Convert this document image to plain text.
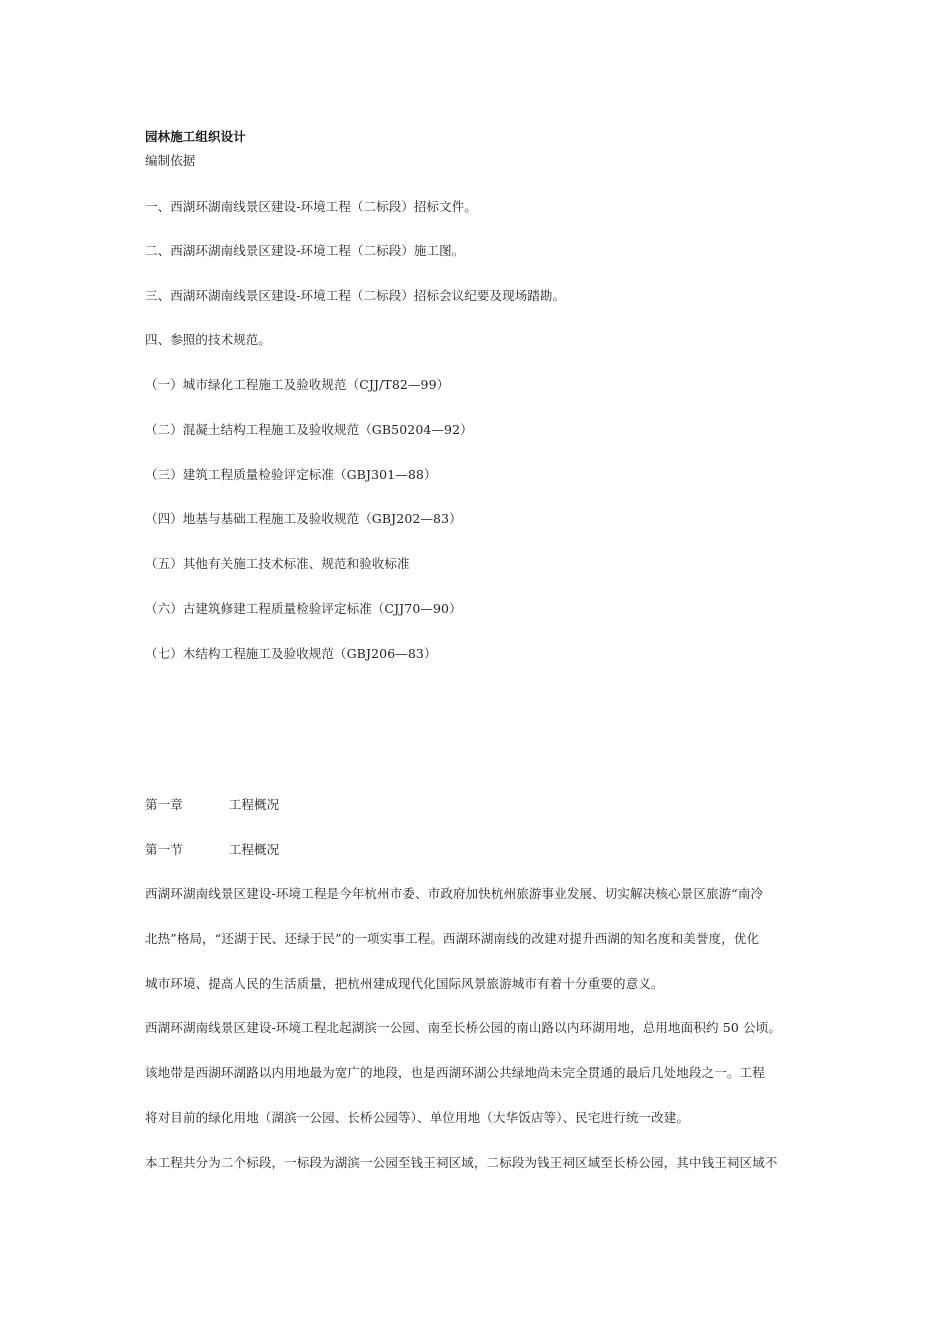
园林施工组织设计
编制依据
一、西湖环湖南线景区建设-环境工程（二标段）招标文件。
二、西湖环湖南线景区建设-环境工程（二标段）施工图。
三、西湖环湖南线景区建设-环境工程（二标段）招标会议纪要及现场踏勘。
四、参照的技术规范。
（一）城市绿化工程施工及验收规范（CJJ/T82—99）
（二）混凝土结构工程施工及验收规范（GB50204—92）
（三）建筑工程质量检验评定标准（GBJ301—88）
（四）地基与基础工程施工及验收规范（GBJ202—83）
（五）其他有关施工技术标准、规范和验收标准
（六）古建筑修建工程质量检验评定标准（CJJ70—90）
（七）木结构工程施工及验收规范（GBJ206—83）
第一章	工程概况
第一节	工程概况
西湖环湖南线景区建设-环境工程是今年杭州市委、市政府加快杭州旅游事业发展、切实解决核心景区旅游“南冷
北热”格局，“还湖于民、还绿于民”的一项实事工程。西湖环湖南线的改建对提升西湖的知名度和美誉度，优化
城市环境、提高人民的生活质量，把杭州建成现代化国际风景旅游城市有着十分重要的意义。
西湖环湖南线景区建设-环境工程北起湖滨一公园、南至长桥公园的南山路以内环湖用地，总用地面积约 50 公顷。
该地带是西湖环湖路以内用地最为宽广的地段，也是西湖环湖公共绿地尚未完全贯通的最后几处地段之一。工程
将对目前的绿化用地（湖滨一公园、长桥公园等）、单位用地（大华饭店等）、民宅进行统一改建。
本工程共分为二个标段，一标段为湖滨一公园至钱王祠区域，二标段为钱王祠区域至长桥公园，其中钱王祠区域不
